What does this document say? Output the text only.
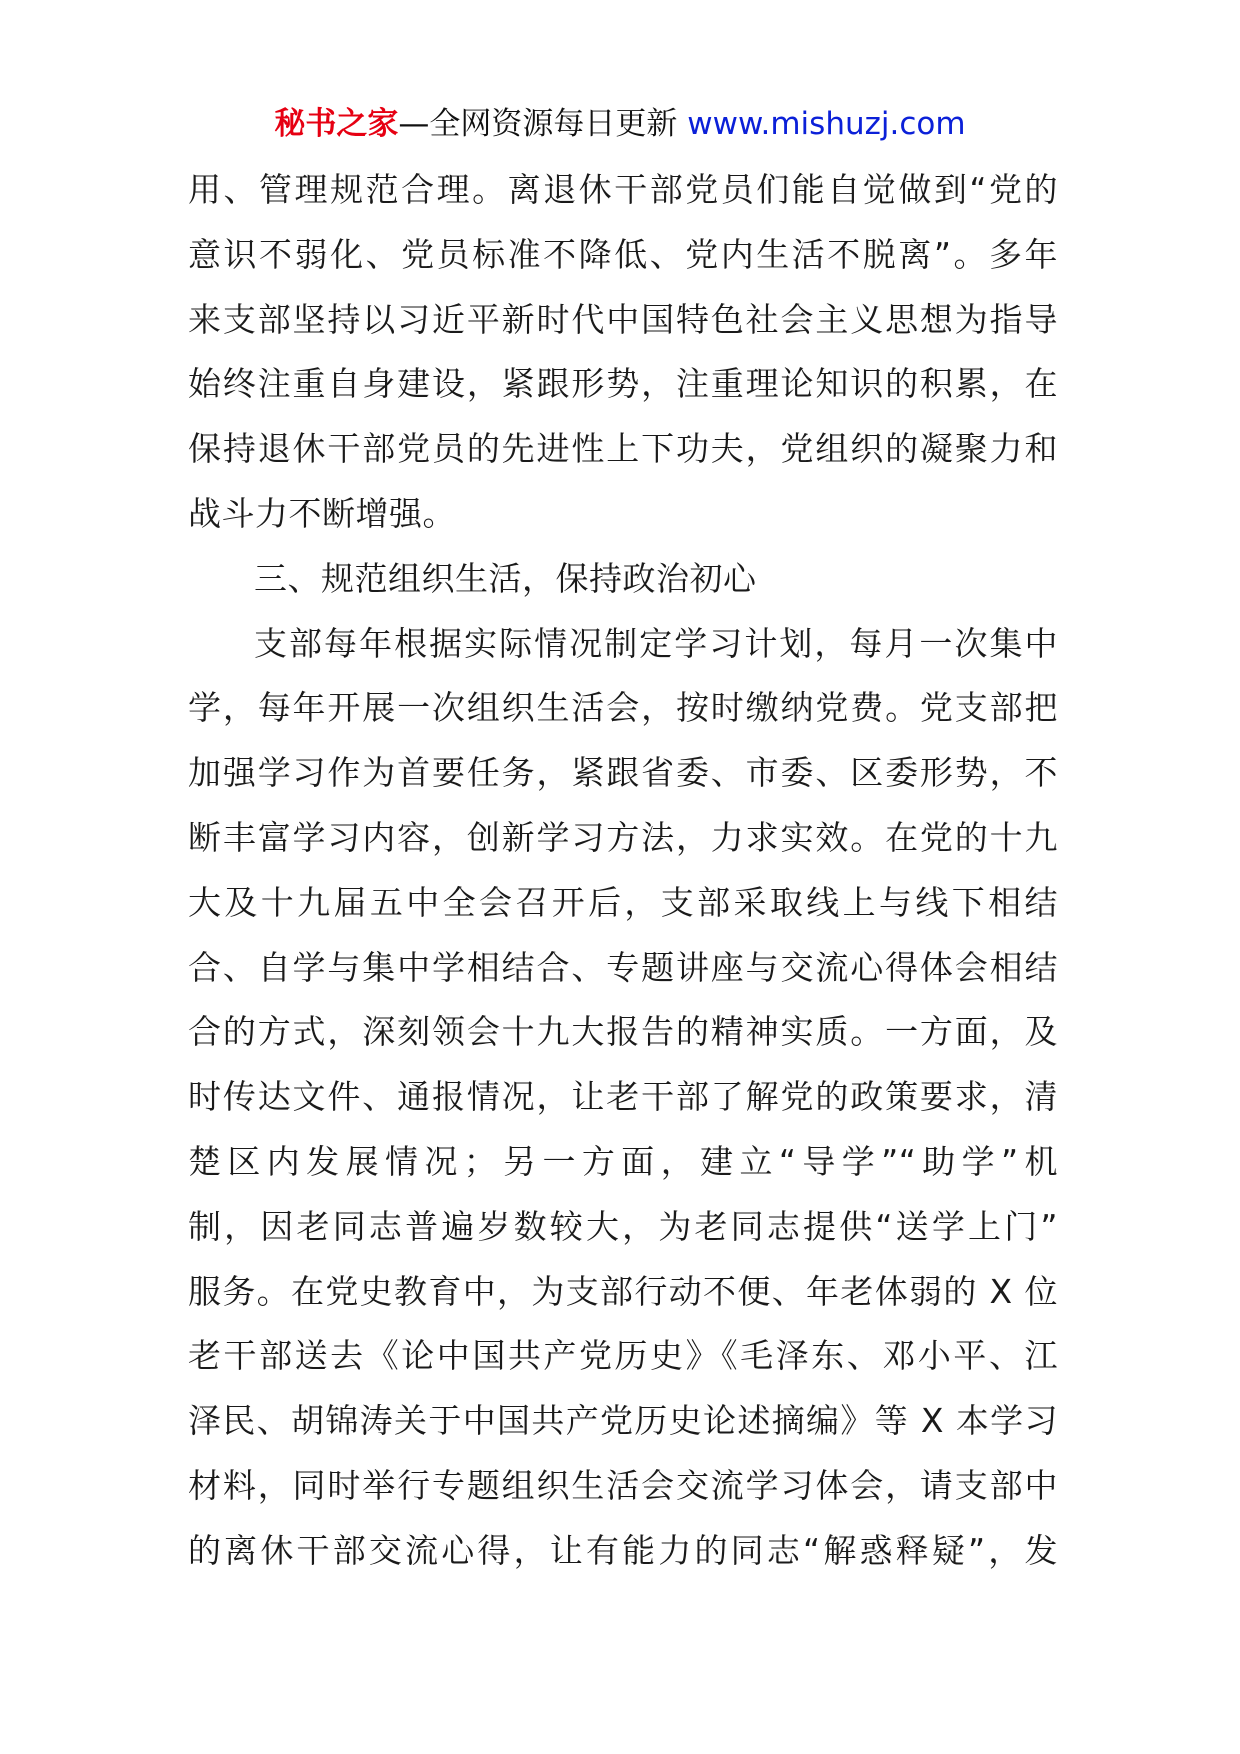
秘书之家—全网资源每日更新 www.mishuzj.com
用、管理规范合理。离退休干部党员们能自觉做到“党的
意识不弱化、党员标准不降低、党内生活不脱离”。多年
来支部坚持以习近平新时代中国特色社会主义思想为指导
始终注重自身建设，紧跟形势，注重理论知识的积累，在
保持退休干部党员的先进性上下功夫，党组织的凝聚力和
战斗力不断增强。
三、规范组织生活，保持政治初心
支部每年根据实际情况制定学习计划，每月一次集中
学，每年开展一次组织生活会，按时缴纳党费。党支部把
加强学习作为首要任务，紧跟省委、市委、区委形势，不
断丰富学习内容，创新学习方法，力求实效。在党的十九
大及十九届五中全会召开后，支部采取线上与线下相结
合、自学与集中学相结合、专题讲座与交流心得体会相结
合的方式，深刻领会十九大报告的精神实质。一方面，及
时传达文件、通报情况，让老干部了解党的政策要求，清
楚区内发展情况；另一方面，建立“导学”“助学”机
制，因老同志普遍岁数较大，为老同志提供“送学上门”
服务。在党史教育中，为支部行动不便、年老体弱的 X 位
老干部送去《论中国共产党历史》《毛泽东、邓小平、江
泽民、胡锦涛关于中国共产党历史论述摘编》等 X 本学习
材料，同时举行专题组织生活会交流学习体会，请支部中
的离休干部交流心得，让有能力的同志“解惑释疑”，发
